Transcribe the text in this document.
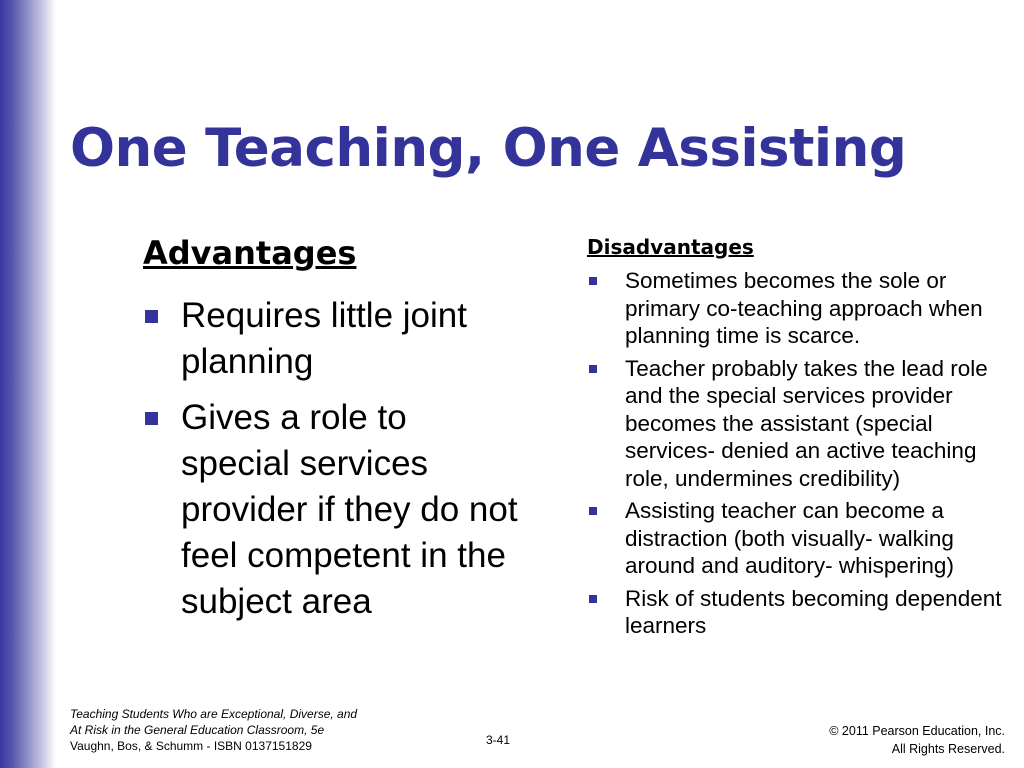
One Teaching, One Assisting
Advantages
Requires little joint planning
Gives a role to special services provider if they do not feel competent in the subject area
Disadvantages
Sometimes becomes the sole or primary co-teaching approach when planning time is scarce.
Teacher probably takes the lead role and the special services provider becomes the assistant (special services- denied an active teaching role, undermines credibility)
Assisting teacher can become a distraction (both visually- walking around and auditory- whispering)
Risk of students becoming dependent learners
Teaching Students Who are Exceptional, Diverse, and
At Risk in the General Education Classroom, 5e
Vaughn, Bos, & Schumm - ISBN 0137151829	3-41
© 2011 Pearson Education, Inc.
All Rights Reserved.
